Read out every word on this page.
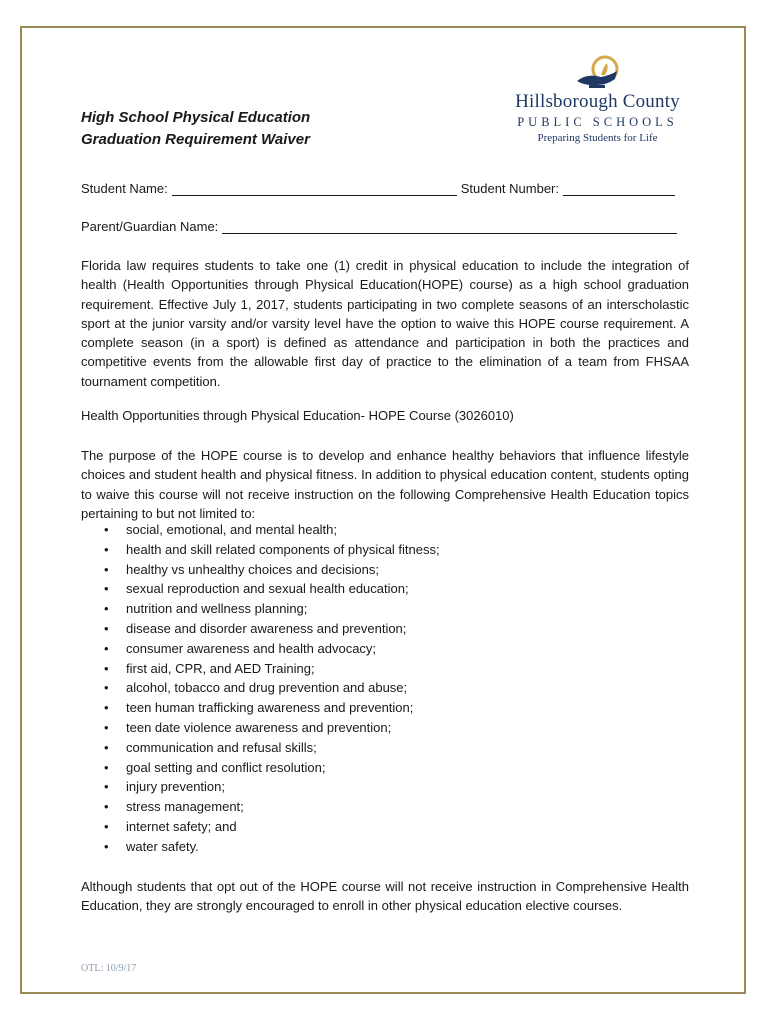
High School Physical Education
Graduation Requirement Waiver
Hillsborough County
PUBLIC SCHOOLS
Preparing Students for Life
Student Name:	Student Number:
Parent/Guardian Name:
Florida law requires students to take one (1) credit in physical education to include the integration of health (Health Opportunities through Physical Education(HOPE) course) as a high school graduation requirement. Effective July 1, 2017, students participating in two complete seasons of an interscholastic sport at the junior varsity and/or varsity level have the option to waive this HOPE course requirement. A complete season (in a sport) is defined as attendance and participation in both the practices and competitive events from the allowable first day of practice to the elimination of a team from FHSAA tournament competition.
Health Opportunities through Physical Education- HOPE Course (3026010)
The purpose of the HOPE course is to develop and enhance healthy behaviors that influence lifestyle choices and student health and physical fitness. In addition to physical education content, students opting to waive this course will not receive instruction on the following Comprehensive Health Education topics pertaining to but not limited to:
• social, emotional, and mental health;
• health and skill related components of physical fitness;
• healthy vs unhealthy choices and decisions;
• sexual reproduction and sexual health education;
• nutrition and wellness planning;
• disease and disorder awareness and prevention;
• consumer awareness and health advocacy;
• first aid, CPR, and AED Training;
• alcohol, tobacco and drug prevention and abuse;
• teen human trafficking awareness and prevention;
• teen date violence awareness and prevention;
• communication and refusal skills;
• goal setting and conflict resolution;
• injury prevention;
• stress management;
• internet safety; and
• water safety.
Although students that opt out of the HOPE course will not receive instruction in Comprehensive Health Education, they are strongly encouraged to enroll in other physical education elective courses.
OTL: 10/9/17
